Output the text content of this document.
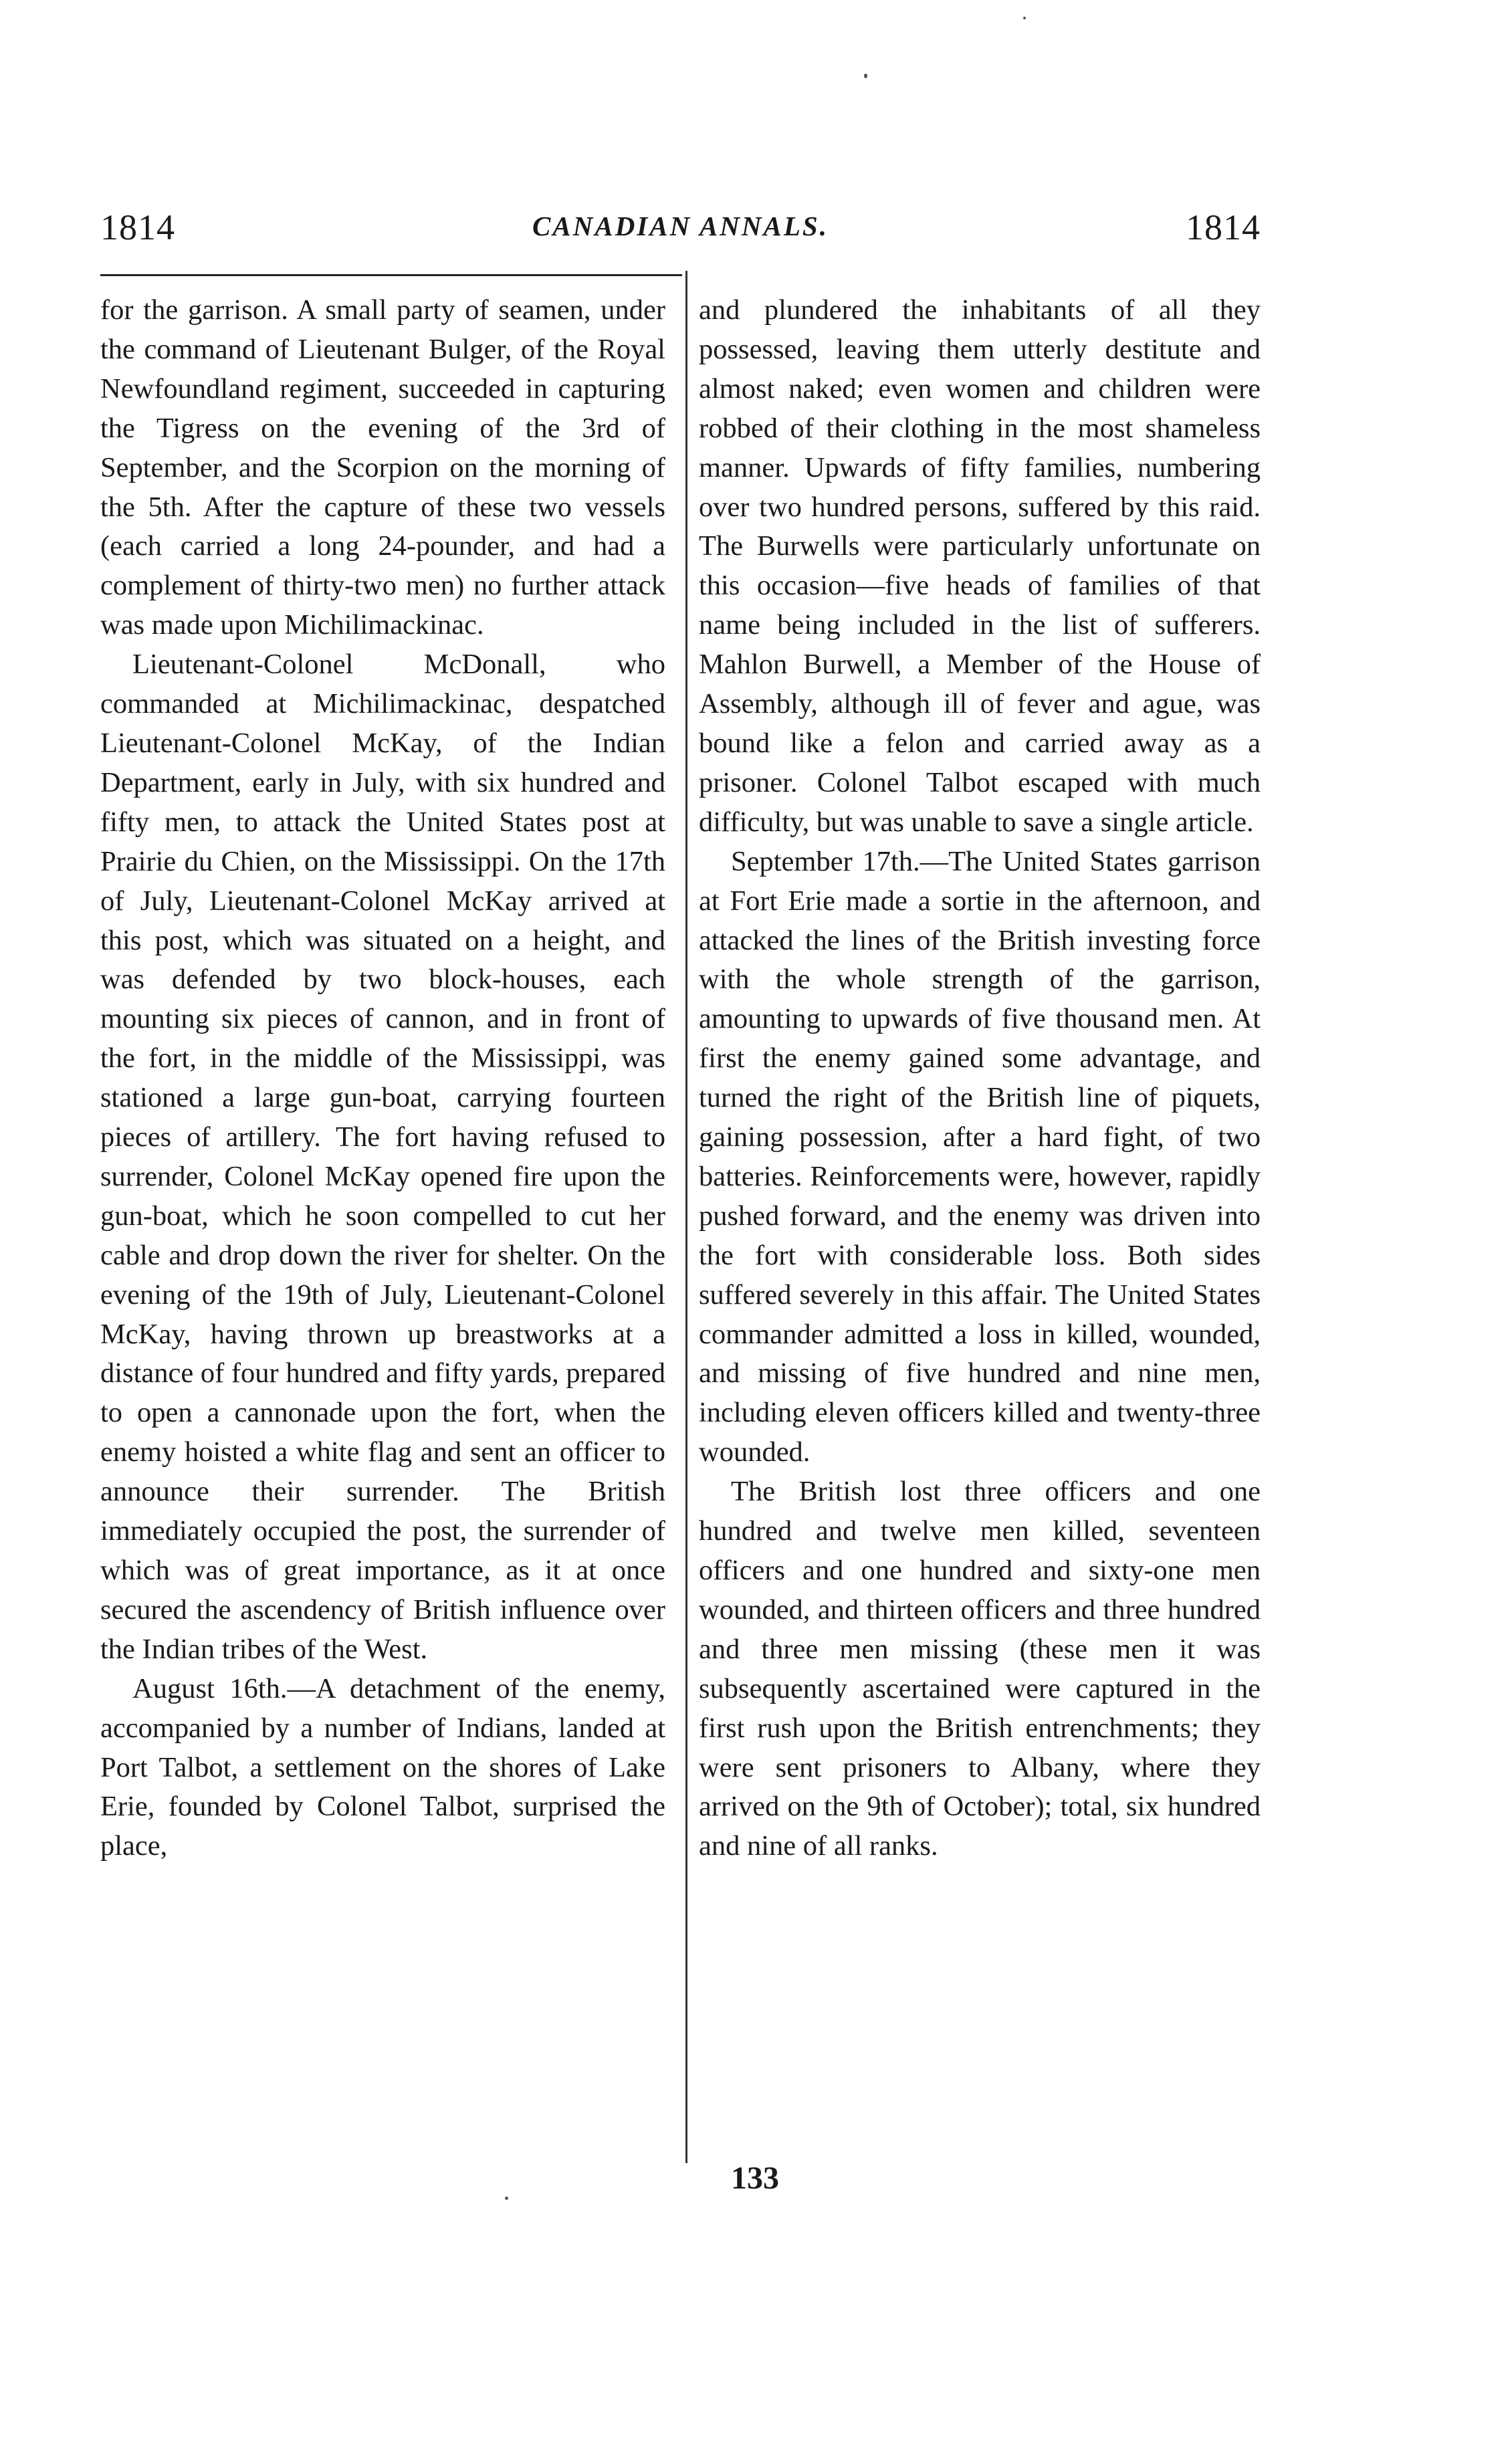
1814	CANADIAN ANNALS.	1814

for the garrison. A small party of seamen, under the command of Lieutenant Bulger, of the Royal Newfoundland regiment, succeeded in capturing the Tigress on the evening of the 3rd of September, and the Scorpion on the morning of the 5th. After the capture of these two vessels (each carried a long 24-pounder, and had a complement of thirty-two men) no further attack was made upon Michilimackinac.

Lieutenant-Colonel McDonall, who commanded at Michilimackinac, despatched Lieutenant-Colonel McKay, of the Indian Department, early in July, with six hundred and fifty men, to attack the United States post at Prairie du Chien, on the Mississippi. On the 17th of July, Lieutenant-Colonel McKay arrived at this post, which was situated on a height, and was defended by two block-houses, each mounting six pieces of cannon, and in front of the fort, in the middle of the Mississippi, was stationed a large gun-boat, carrying fourteen pieces of artillery. The fort having refused to surrender, Colonel McKay opened fire upon the gun-boat, which he soon compelled to cut her cable and drop down the river for shelter. On the evening of the 19th of July, Lieutenant-Colonel McKay, having thrown up breastworks at a distance of four hundred and fifty yards, prepared to open a cannonade upon the fort, when the enemy hoisted a white flag and sent an officer to announce their surrender. The British immediately occupied the post, the surrender of which was of great importance, as it at once secured the ascendency of British influence over the Indian tribes of the West.

August 16th.—A detachment of the enemy, accompanied by a number of Indians, landed at Port Talbot, a settlement on the shores of Lake Erie, founded by Colonel Talbot, surprised the place,

and plundered the inhabitants of all they possessed, leaving them utterly destitute and almost naked; even women and children were robbed of their clothing in the most shameless manner. Upwards of fifty families, numbering over two hundred persons, suffered by this raid. The Burwells were particularly unfortunate on this occasion—five heads of families of that name being included in the list of sufferers. Mahlon Burwell, a Member of the House of Assembly, although ill of fever and ague, was bound like a felon and carried away as a prisoner. Colonel Talbot escaped with much difficulty, but was unable to save a single article.

September 17th.—The United States garrison at Fort Erie made a sortie in the afternoon, and attacked the lines of the British investing force with the whole strength of the garrison, amounting to upwards of five thousand men. At first the enemy gained some advantage, and turned the right of the British line of piquets, gaining possession, after a hard fight, of two batteries. Reinforcements were, however, rapidly pushed forward, and the enemy was driven into the fort with considerable loss. Both sides suffered severely in this affair. The United States commander admitted a loss in killed, wounded, and missing of five hundred and nine men, including eleven officers killed and twenty-three wounded.

The British lost three officers and one hundred and twelve men killed, seventeen officers and one hundred and sixty-one men wounded, and thirteen officers and three hundred and three men missing (these men it was subsequently ascertained were captured in the first rush upon the British entrenchments; they were sent prisoners to Albany, where they arrived on the 9th of October); total, six hundred and nine of all ranks.

133
